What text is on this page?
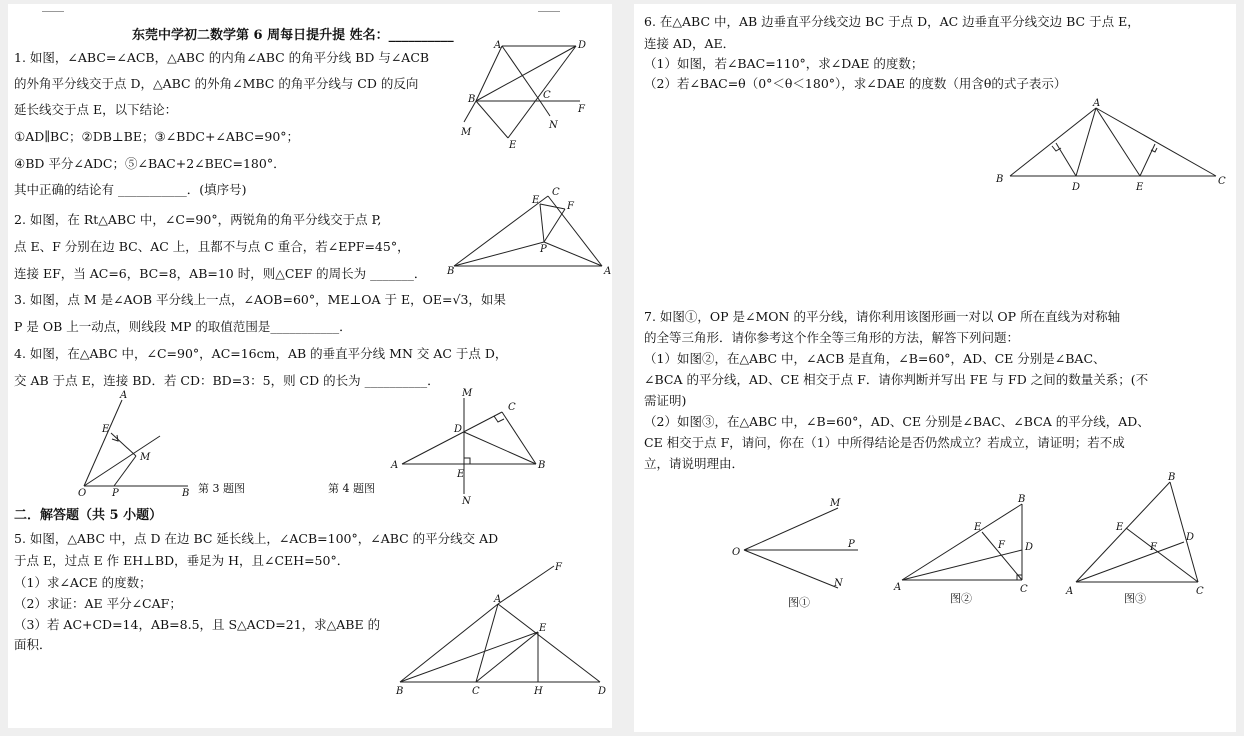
东莞中学初二数学第 6 周每日提升提 姓名：__________
1. 如图，∠ABC=∠ACB，△ABC 的内角∠ABC 的角平分线 BD 与∠ACB
的外角平分线交于点 D，△ABC 的外角∠MBC 的角平分线与 CD 的反向
延长线交于点 E，以下结论：
①AD∥BC；②DB⊥BE；③∠BDC+∠ABC=90°；
④BD 平分∠ADC；⑤∠BAC+2∠BEC=180°．
其中正确的结论有 ___________．(填序号)
A	D
B	C
F
M
N
E
2. 如图，在 Rt△ABC 中，∠C=90°，两锐角的角平分线交于点 P,
点 E、F 分别在边 BC、AC 上，且都不与点 C 重合，若∠EPF=45°，
连接 EF，当 AC=6，BC=8，AB=10 时，则△CEF 的周长为 _______．
C
E
F
P
B	A
3. 如图，点 M 是∠AOB 平分线上一点，∠AOB=60°，ME⊥OA 于 E，OE=√3，如果
P 是 OB 上一动点，则线段 MP 的取值范围是___________．
4. 如图，在△ABC 中，∠C=90°，AC=16cm，AB 的垂直平分线 MN 交 AC 于点 D，
交 AB 于点 E，连接 BD．若 CD：BD=3：5，则 CD 的长为 __________．
A
E
M
O	P	B 第 3 题图	第 4 题图
M
C
D
A
E
B
N
二．解答题（共 5 小题）
5. 如图，△ABC 中，点 D 在边 BC 延长线上，∠ACB=100°，∠ABC 的平分线交 AD
于点 E，过点 E 作 EH⊥BD，垂足为 H，且∠CEH=50°．
（1）求∠ACE 的度数；
（2）求证：AE 平分∠CAF；
（3）若 AC+CD=14，AB=8.5，且 S△ACD=21，求△ABE 的
面积．
F
A
E
B	C	H	D
6. 在△ABC 中，AB 边垂直平分线交边 BC 于点 D，AC 边垂直平分线交边 BC 于点 E，
连接 AD，AE．
（1）如图，若∠BAC=110°，求∠DAE 的度数；
（2）若∠BAC=θ（0°＜θ＜180°），求∠DAE 的度数（用含θ的式子表示）
A
B
D	E
C
7. 如图①，OP 是∠MON 的平分线，请你利用该图形画一对以 OP 所在直线为对称轴
的全等三角形．请你参考这个作全等三角形的方法，解答下列问题：
（1）如图②，在△ABC 中，∠ACB 是直角，∠B=60°，AD、CE 分别是∠BAC、
∠BCA 的平分线，AD、CE 相交于点 F．请你判断并写出 FE 与 FD 之间的数量关系；(不
需证明)
（2）如图③，在△ABC 中，∠B=60°，AD、CE 分别是∠BAC、∠BCA 的平分线，AD、
CE 相交于点 F，请问，你在（1）中所得结论是否仍然成立？若成立，请证明；若不成
立，请说明理由．
M
P
N
O
图①
B
E
F D
A	C
图②
B
E
F
D
A	C
图③
